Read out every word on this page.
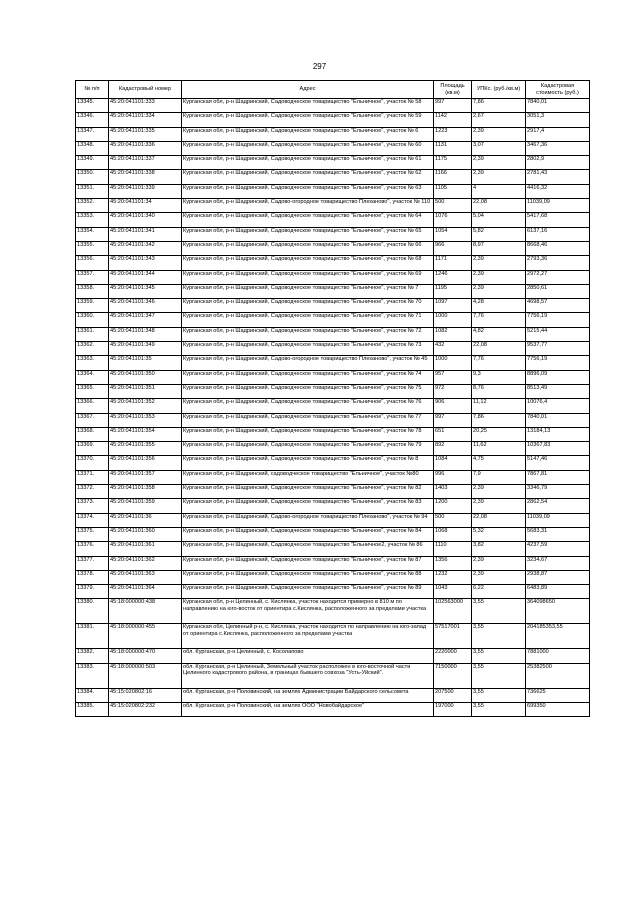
297
№ п/п	Кадастровый номер	Адрес	Площадь (кв.м)	УПКс. (руб./кв.м)	Кадастровая стоимость (руб.)
13345.	45:20:041101:333	Курганская обл, р-н Шадринский, Садоводческое товарищество "Ельничное", участок № 58	997	7,86	7840,01
13346.	45:20:041101:334	Курганская обл, р-н Шадринский, Садоводческое товарищество "Ельничное", участок № 59	1142	2,67	3051,3
13347.	45:20:041101:335	Курганская обл, р-н Шадринский, Садоводческое товарищество "Ельничное", участок № 6	1223	2,39	2917,4
13348.	45:20:041101:336	Курганская обл, р-н Шадринский, Садоводческое товарищество "Ельничное", участок № 60	1131	3,07	3467,36
13349.	45:20:041101:337	Курганская обл, р-н Шадринский, Садоводческое товарищество "Ельничное", участок № 61	1175	2,39	2802,9
13350.	45:20:041101:338	Курганская обл, р-н Шадринский, Садоводческое товарищество "Ельничное", участок № 62	1166	2,39	2781,43
13351.	45:20:041101:339	Курганская обл, р-н Шадринский, Садоводческое товарищество "Ельничное", участок № 63	1105	4	4416,32
13352.	45:20:041101:34	Курганская обл, р-н Шадринский, Садово-огородное товарищество Плеханово", участок № 110	500	22,08	11039,09
13353.	45:20:041101:340	Курганская обл, р-н Шадринский, Садоводческое товарищество "Ельничное", участок № 64	1076	5,04	5417,68
13354.	45:20:041101:341	Курганская обл, р-н Шадринский, Садоводческое товарищество "Ельничное", участок № 65	1054	5,82	6137,16
13355.	45:20:041101:342	Курганская обл, р-н Шадринский, Садоводческое товарищество "Ельничное", участок № 66	966	8,97	8668,46
13356.	45:20:041101:343	Курганская обл, р-н Шадринский, Садоводческое товарищество "Ельничное", участок № 68	1171	2,39	2793,36
13357.	45:20:041101:344	Курганская обл, р-н Шадринский, Садоводческое товарищество "Ельничное", участок № 69	1246	2,39	2972,27
13358.	45:20:041101:345	Курганская обл, р-н Шадринский, Садоводческое товарищество "Ельничное", участок № 7	1195	2,39	2850,61
13359.	45:20:041101:346	Курганская обл, р-н Шадринский, Садоводческое товарищество "Ельничное", участок № 70	1097	4,28	4698,57
13360.	45:20:041101:347	Курганская обл, р-н Шадринский, Садоводческое товарищество "Ельничное", участок № 71	1000	7,76	7756,19
13361.	45:20:041101:348	Курганская обл, р-н Шадринский, Садоводческое товарищество "Ельничное", участок № 72	1082	4,82	5215,44
13362.	45:20:041101:349	Курганская обл, р-н Шадринский, Садоводческое товарищество "Ельничное", участок № 73	432	22,08	9537,77
13363.	45:20:041101:35	Курганская обл, р-н Шадринский, Садово-огородное товарищество Плеханово", участок № 45	1000	7,76	7756,19
13364.	45:20:041101:350	Курганская обл, р-н Шадринский, Садоводческое товарищество "Ельничное", участок № 74	957	9,3	8896,09
13365.	45:20:041101:351	Курганская обл, р-н Шадринский, Садоводческое товарищество "Ельничное", участок № 75	972	8,76	8513,49
13366.	45:20:041101:352	Курганская обл, р-н Шадринский, Садоводческое товарищество "Ельничное", участок № 76	906	11,12	10076,4
13367.	45:20:041101:353	Курганская обл, р-н Шадринский, Садоводческое товарищество "Ельничное", участок № 77	997	7,86	7840,01
13368.	45:20:041101:354	Курганская обл, р-н Шадринский, Садоводческое товарищество "Ельничное", участок № 78	651	20,25	13184,13
13369.	45:20:041101:355	Курганская обл, р-н Шадринский, Садоводческое товарищество "Ельничное", участок № 79	892	11,62	10367,83
13370.	45:20:041101:356	Курганская обл, р-н Шадринский, Садоводческое товарищество "Ельничное", участок № 8	1084	4,75	5147,46
13371.	45:20:041101:357	Курганская обл, р-н Шадринский, садоводческое товарищество "Ельничное", участок №80	996	7,9	7867,81
13372.	45:20:041101:358	Курганская обл, р-н Шадринский, Садоводческое товарищество "Ельничное", участок № 82	1403	2,39	3346,79
13373.	45:20:041101:359	Курганская обл, р-н Шадринский, Садоводческое товарищество "Ельничное", участок № 83	1200	2,39	2862,54
13374.	45:20:041101:36	Курганская обл, р-н Шадринский, Садово-огородное товарищество Плеханово", участок № 94	500	22,08	11039,09
13375.	45:20:041101:360	Курганская обл, р-н Шадринский, Садоводческое товарищество "Ельничное", участок № 84	1068	5,32	5683,31
13376.	45:20:041101:361	Курганская обл, р-н Шадринский, Садоводческое товарищество "Ельничное2, участок № 86	1110	3,82	4237,59
13377.	45:20:041101:362	Курганская обл, р-н Шадринский, Садоводческое товарищество "Ельничное", участок № 87	1356	2,39	3234,67
13378.	45:20:041101:363	Курганская обл, р-н Шадринский, Садоводческое товарищество "Ельничное", участок № 88	1232	2,39	2938,87
13379.	45:20:041101:364	Курганская обл, р-н Шадринский, Садоводческое товарищество "Ельничное", участок № 89	1043	6,22	6483,89
13380.	45:18:000000:438	Курганская обл, р-н Целинный, с. Кислянка, участок находится примерно в 810 м по направлению на юго-восток от ориентира с.Кислянка, расположенного за пределами участка	102563000	3,55	364098650
13381.	45:18:000000:455	Курганская обл, Целинный р-н, с. Кислянка, участок находится по направлению на юго-запад от ориентира с.Кислянка, расположенного за пределами участка	57517001	3,55	204185353,55
13382.	45:18:000000:470	обл. Курганская, р-н Целинный, с. Косолапово	2220000	3,55	7881000
13383.	45:18:000000:503	обл. Курганская, р-н Целинный, Земельный участок расположен в юго-восточной части Целинного кадастрового района, в границах бывшего совхоза "Усть-Уйский".	7150000	3,55	25382500
13384.	45:15:020802:16	обл. Курганская, р-н Половинский, на землях Администрации Байдарского сельсовета	207500	3,55	736625
13385.	45:15:020802:232	обл. Курганская, р-н Половинский, на землях ООО "Новобайдарское"	197000	3,55	699350
